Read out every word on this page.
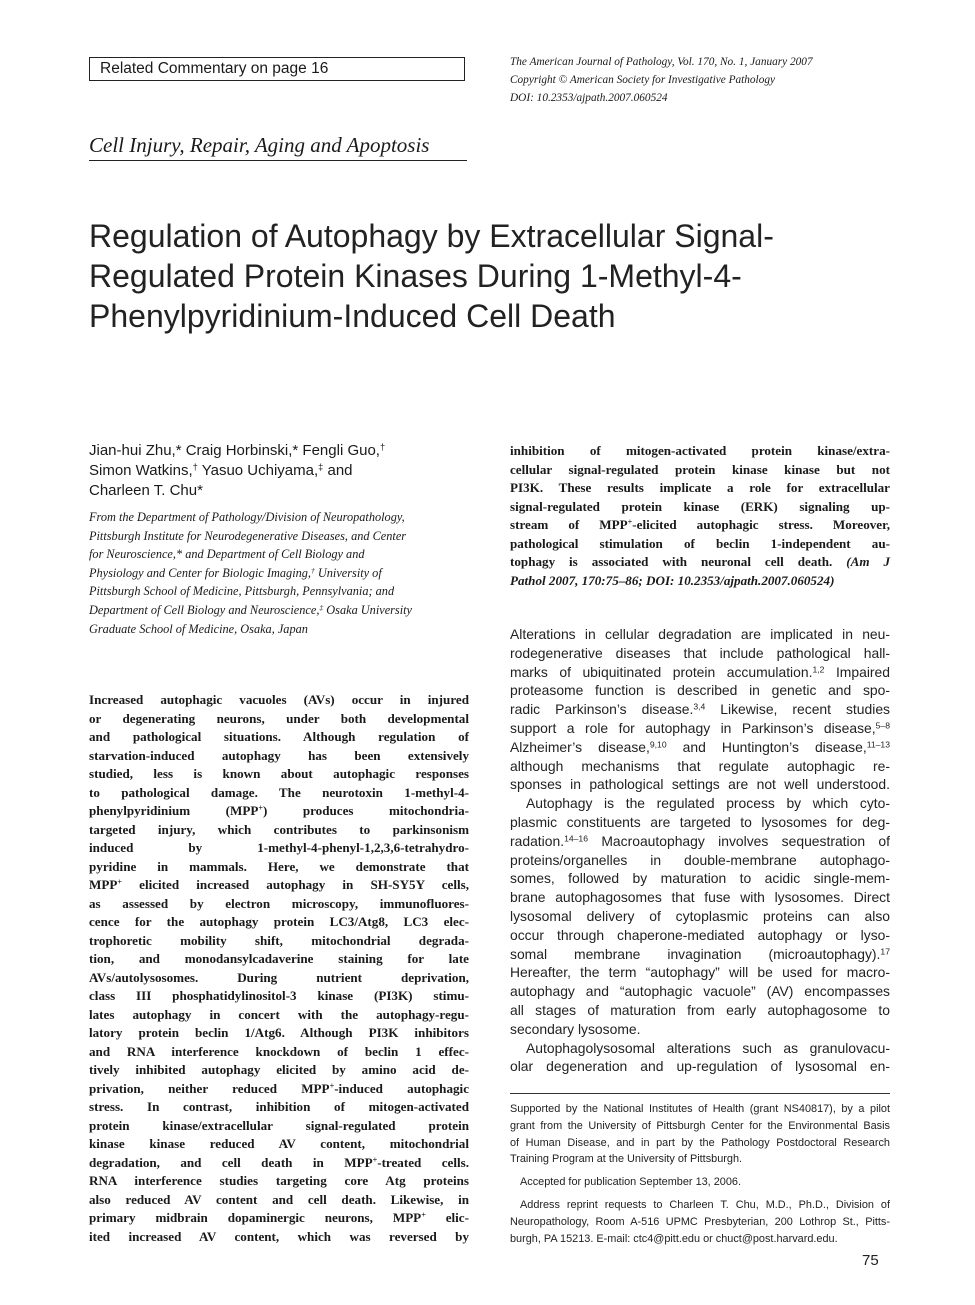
Related Commentary on page 16	The American Journal of Pathology, Vol. 170, No. 1, January 2007
Copyright © American Society for Investigative Pathology
DOI: 10.2353/ajpath.2007.060524
Cell Injury, Repair, Aging and Apoptosis
Regulation of Autophagy by Extracellular Signal-
Regulated Protein Kinases During 1-Methyl-4-
Phenylpyridinium-Induced Cell Death
Jian-hui Zhu,* Craig Horbinski,* Fengli Guo,†
Simon Watkins,† Yasuo Uchiyama,‡ and
Charleen T. Chu*
From the Department of Pathology/Division of Neuropathology,
Pittsburgh Institute for Neurodegenerative Diseases, and Center
for Neuroscience,* and Department of Cell Biology and
Physiology and Center for Biologic Imaging,† University of
Pittsburgh School of Medicine, Pittsburgh, Pennsylvania; and
Department of Cell Biology and Neuroscience,‡ Osaka University
Graduate School of Medicine, Osaka, Japan
Increased autophagic vacuoles (AVs) occur in injured
or degenerating neurons, under both developmental
and pathological situations. Although regulation of
starvation-induced autophagy has been extensively
studied, less is known about autophagic responses
to pathological damage. The neurotoxin 1-methyl-4-
phenylpyridinium (MPP+) produces mitochondria-
targeted injury, which contributes to parkinsonism
induced by 1-methyl-4-phenyl-1,2,3,6-tetrahydro-
pyridine in mammals. Here, we demonstrate that
MPP+ elicited increased autophagy in SH-SY5Y cells,
as assessed by electron microscopy, immunofluores-
cence for the autophagy protein LC3/Atg8, LC3 elec-
trophoretic mobility shift, mitochondrial degrada-
tion, and monodansylcadaverine staining for late
AVs/autolysosomes. During nutrient deprivation,
class III phosphatidylinositol-3 kinase (PI3K) stimu-
lates autophagy in concert with the autophagy-regu-
latory protein beclin 1/Atg6. Although PI3K inhibitors
and RNA interference knockdown of beclin 1 effec-
tively inhibited autophagy elicited by amino acid de-
privation, neither reduced MPP+-induced autophagic
stress. In contrast, inhibition of mitogen-activated
protein kinase/extracellular signal-regulated protein
kinase kinase reduced AV content, mitochondrial
degradation, and cell death in MPP+-treated cells.
RNA interference studies targeting core Atg proteins
also reduced AV content and cell death. Likewise, in
primary midbrain dopaminergic neurons, MPP+ elic-
ited increased AV content, which was reversed by
inhibition of mitogen-activated protein kinase/extra-
cellular signal-regulated protein kinase kinase but not
PI3K. These results implicate a role for extracellular
signal-regulated protein kinase (ERK) signaling up-
stream of MPP+-elicited autophagic stress. Moreover,
pathological stimulation of beclin 1-independent au-
tophagy is associated with neuronal cell death. (Am J
Pathol 2007, 170:75–86; DOI: 10.2353/ajpath.2007.060524)
Alterations in cellular degradation are implicated in neu-
rodegenerative diseases that include pathological hall-
marks of ubiquitinated protein accumulation.$^{1,2}$ Impaired
proteasome function is described in genetic and spo-
radic Parkinson’s disease.$^{3,4}$ Likewise, recent studies
support a role for autophagy in Parkinson’s disease,$^{5-8}$
Alzheimer’s disease,$^{9,10}$ and Huntington’s disease,$^{11-13}$
although mechanisms that regulate autophagic re-
sponses in pathological settings are not well understood.
Autophagy is the regulated process by which cyto-
plasmic constituents are targeted to lysosomes for deg-
radation.$^{14-16}$ Macroautophagy involves sequestration of
proteins/organelles in double-membrane autophago-
somes, followed by maturation to acidic single-mem-
brane autophagosomes that fuse with lysosomes. Direct
lysosomal delivery of cytoplasmic proteins can also
occur through chaperone-mediated autophagy or lyso-
somal membrane invagination (microautophagy).$^{17}$
Hereafter, the term “autophagy” will be used for macro-
autophagy and “autophagic vacuole” (AV) encompasses
all stages of maturation from early autophagosome to
secondary lysosome.
Autophagolysosomal alterations such as granulovacu-
olar degeneration and up-regulation of lysosomal en-
Supported by the National Institutes of Health (grant NS40817), by a pilot
grant from the University of Pittsburgh Center for the Environmental Basis
of Human Disease, and in part by the Pathology Postdoctoral Research
Training Program at the University of Pittsburgh.
Accepted for publication September 13, 2006.
Address reprint requests to Charleen T. Chu, M.D., Ph.D., Division of
Neuropathology, Room A-516 UPMC Presbyterian, 200 Lothrop St., Pitts-
burgh, PA 15213. E-mail: ctc4@pitt.edu or chuct@post.harvard.edu.
75
